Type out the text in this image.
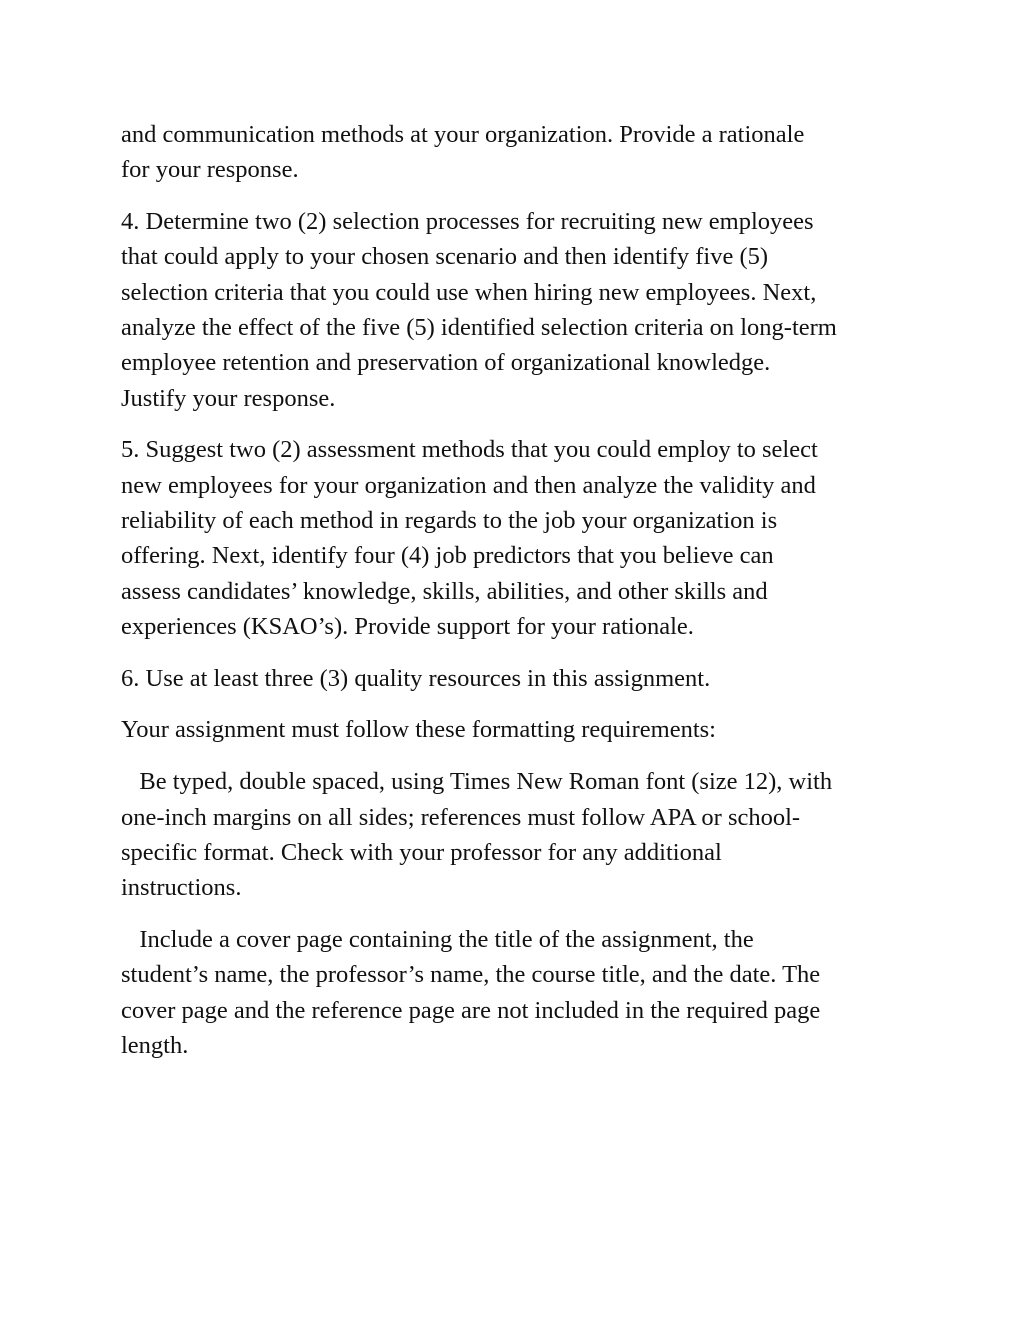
and communication methods at your organization. Provide a rationale
for your response.

4. Determine two (2) selection processes for recruiting new employees
that could apply to your chosen scenario and then identify five (5)
selection criteria that you could use when hiring new employees. Next,
analyze the effect of the five (5) identified selection criteria on long-term
employee retention and preservation of organizational knowledge.
Justify your response.

5. Suggest two (2) assessment methods that you could employ to select
new employees for your organization and then analyze the validity and
reliability of each method in regards to the job your organization is
offering. Next, identify four (4) job predictors that you believe can
assess candidates’ knowledge, skills, abilities, and other skills and
experiences (KSAO’s). Provide support for your rationale.

6. Use at least three (3) quality resources in this assignment.

Your assignment must follow these formatting requirements:

Be typed, double spaced, using Times New Roman font (size 12), with
one-inch margins on all sides; references must follow APA or school-
specific format. Check with your professor for any additional
instructions.

Include a cover page containing the title of the assignment, the
student’s name, the professor’s name, the course title, and the date. The
cover page and the reference page are not included in the required page
length.
